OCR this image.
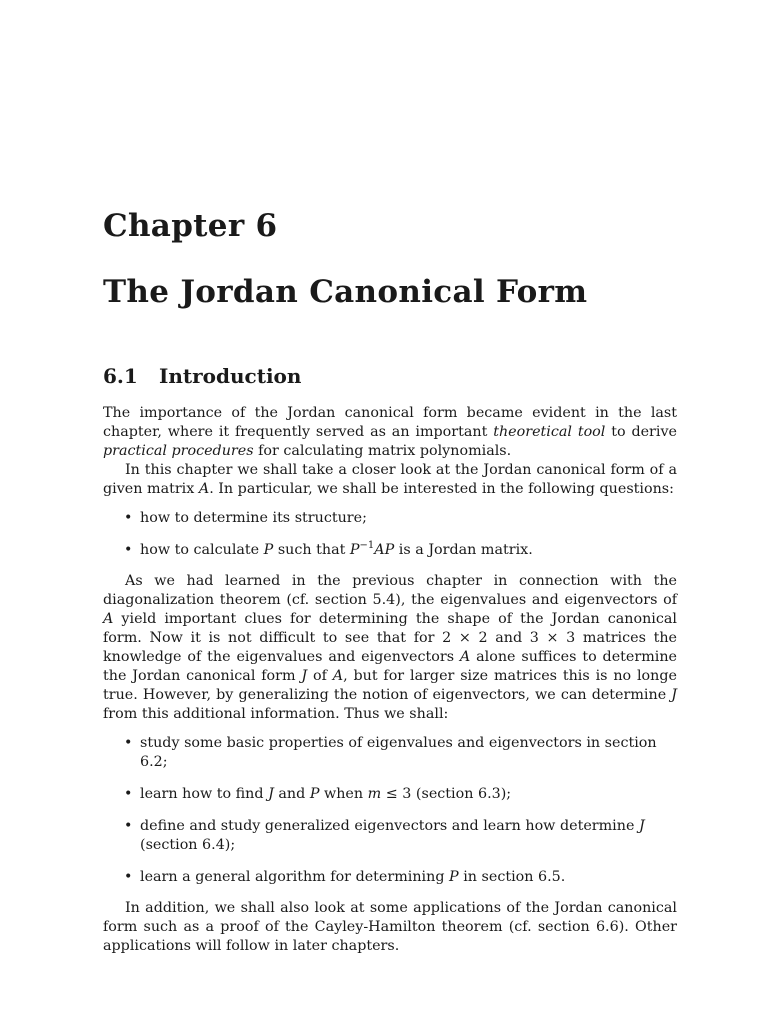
Chapter 6
The Jordan Canonical Form
6.1 Introduction

The importance of the Jordan canonical form became evident in the last chapter, where it frequently served as an important theoretical tool to derive practical procedures for calculating matrix polynomials.

In this chapter we shall take a closer look at the Jordan canonical form of a given matrix A. In particular, we shall be interested in the following questions:

• how to determine its structure;
• how to calculate P such that $P^{-1}AP$ is a Jordan matrix.

As we had learned in the previous chapter in connection with the diagonalization theorem (cf. section 5.4), the eigenvalues and eigenvectors of A yield important clues for determining the shape of the Jordan canonical form. Now it is not difficult to see that for 2 × 2 and 3 × 3 matrices the knowledge of the eigenvalues and eigenvectors A alone suffices to determine the Jordan canonical form J of A, but for larger size matrices this is no longe true. However, by generalizing the notion of eigenvectors, we can determine J from this additional information. Thus we shall:

• study some basic properties of eigenvalues and eigenvectors in section 6.2;
• learn how to find J and P when m ≤ 3 (section 6.3);
• define and study generalized eigenvectors and learn how determine J (section 6.4);
• learn a general algorithm for determining P in section 6.5.

In addition, we shall also look at some applications of the Jordan canonical form such as a proof of the Cayley-Hamilton theorem (cf. section 6.6). Other applications will follow in later chapters.
